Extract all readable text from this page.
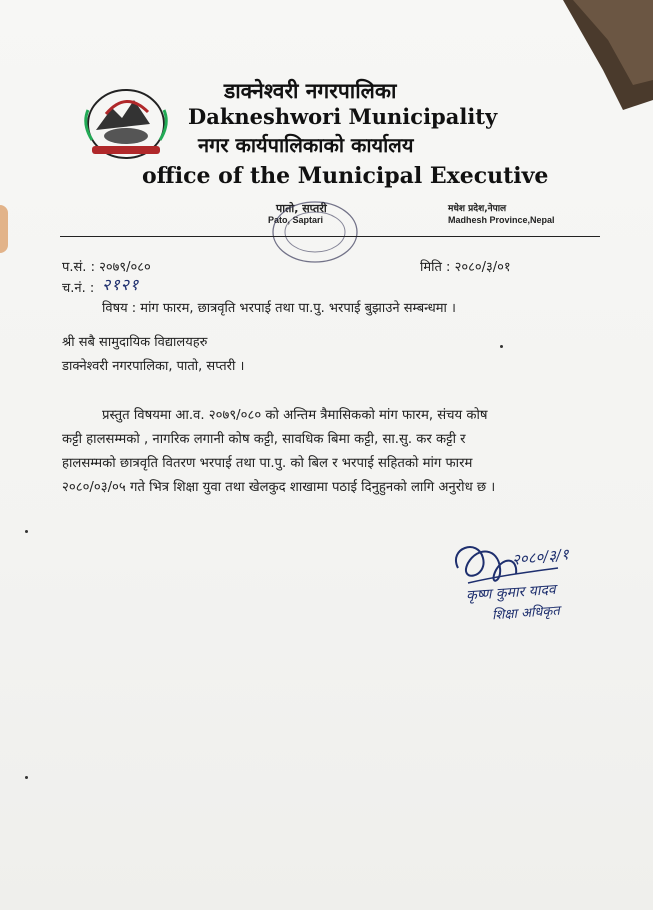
डाक्नेश्वरी नगरपालिका
Dakneshwori Municipality
नगर कार्यपालिकाको कार्यालय
office of the Municipal Executive
पातो, सप्तरी
Pato, Saptari
मधेश प्रदेश,नेपाल
Madhesh Province,Nepal
प.सं. : २०७९/०८०	मिति : २०८०/३/०१
च.नं. : २१२१
विषय : मांग फारम, छात्रवृति भरपाई तथा पा.पु. भरपाई बुझाउने सम्बन्धमा ।
श्री सबै सामुदायिक विद्यालयहरु
डाक्नेश्वरी नगरपालिका, पातो, सप्तरी ।
प्रस्तुत विषयमा आ.व. २०७९/०८० को अन्तिम त्रैमासिकको मांग फारम, संचय कोष
कट्टी हालसम्मको , नागरिक लगानी कोष कट्टी, सावधिक बिमा कट्टी, सा.सु. कर कट्टी र
हालसम्मको छात्रवृति वितरण भरपाई तथा पा.पु. को बिल र भरपाई सहितको मांग फारम
२०८०/०३/०५ गते भित्र शिक्षा युवा तथा खेलकुद शाखामा पठाई दिनुहुनको लागि अनुरोध छ ।
२०८०/३/१
कृष्ण कुमार यादव
शिक्षा अधिकृत
